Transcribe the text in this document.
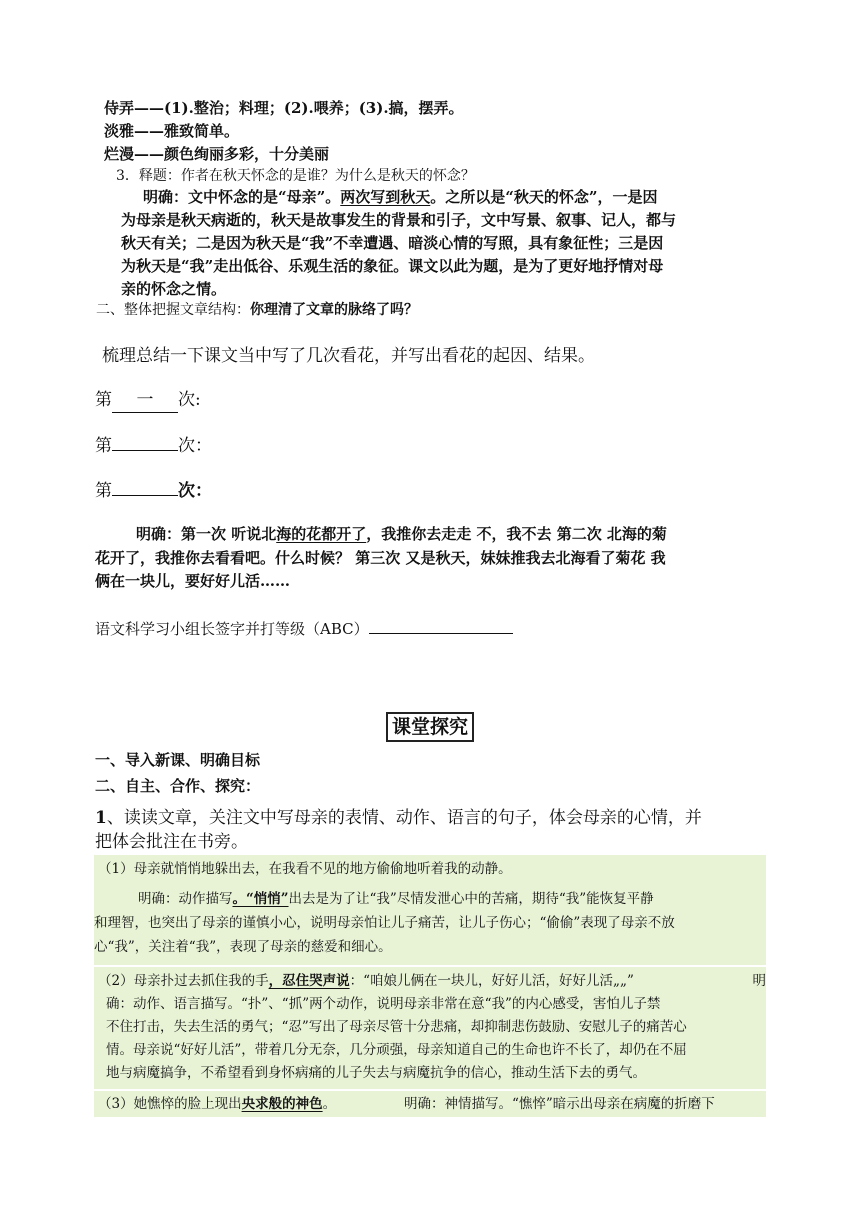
侍弄——(1).整治；料理；(2).喂养；(3).搞，摆弄。
淡雅——雅致简单。
烂漫——颜色绚丽多彩，十分美丽
3．释题：作者在秋天怀念的是谁？为什么是秋天的怀念？
明确：文中怀念的是“母亲”。两次写到秋天。之所以是“秋天的怀念”，一是因
为母亲是秋天病逝的，秋天是故事发生的背景和引子，文中写景、叙事、记人，都与
秋天有关；二是因为秋天是“我”不幸遭遇、暗淡心情的写照，具有象征性；三是因
为秋天是“我”走出低谷、乐观生活的象征。课文以此为题，是为了更好地抒情对母
亲的怀念之情。
二、整体把握文章结构：你理清了文章的脉络了吗？
梳理总结一下课文当中写了几次看花，并写出看花的起因、结果。
第 一 次:
第	次：
第	次：
明确：第一次 听说北海的花都开了，我推你去走走 不，我不去 第二次 北海的菊
花开了，我推你去看看吧。什么时候？ 第三次 又是秋天，妹妹推我去北海看了菊花 我
俩在一块儿，要好好儿活……
语文科学习小组长签字并打等级（ABC）
课堂探究
一、导入新课、明确目标
二、自主、合作、探究：
1、读读文章，关注文中写母亲的表情、动作、语言的句子，体会母亲的心情，并
把体会批注在书旁。
（1）母亲就悄悄地躲出去，在我看不见的地方偷偷地听着我的动静。
明确：动作描写。“悄悄”出去是为了让“我”尽情发泄心中的苦痛，期待“我”能恢复平静
和理智，也突出了母亲的谨慎小心，说明母亲怕让儿子痛苦，让儿子伤心；“偷偷”表现了母亲不放
心“我”，关注着“我”，表现了母亲的慈爱和细心。
（2）母亲扑过去抓住我的手，忍住哭声说：“咱娘儿俩在一块儿，好好儿活，好好儿活„„”	明
确：动作、语言描写。“扑”、“抓”两个动作，说明母亲非常在意“我”的内心感受，害怕儿子禁
不住打击，失去生活的勇气；“忍”写出了母亲尽管十分悲痛，却抑制悲伤鼓励、安慰儿子的痛苦心
情。母亲说“好好儿活”，带着几分无奈，几分顽强，母亲知道自己的生命也许不长了，却仍在不屈
地与病魔搞争，不希望看到身怀病痛的儿子失去与病魔抗争的信心，推动生活下去的勇气。
（3）她憔悴的脸上现出央求般的神色。	明确：神情描写。“憔悴”暗示出母亲在病魔的折磨下
